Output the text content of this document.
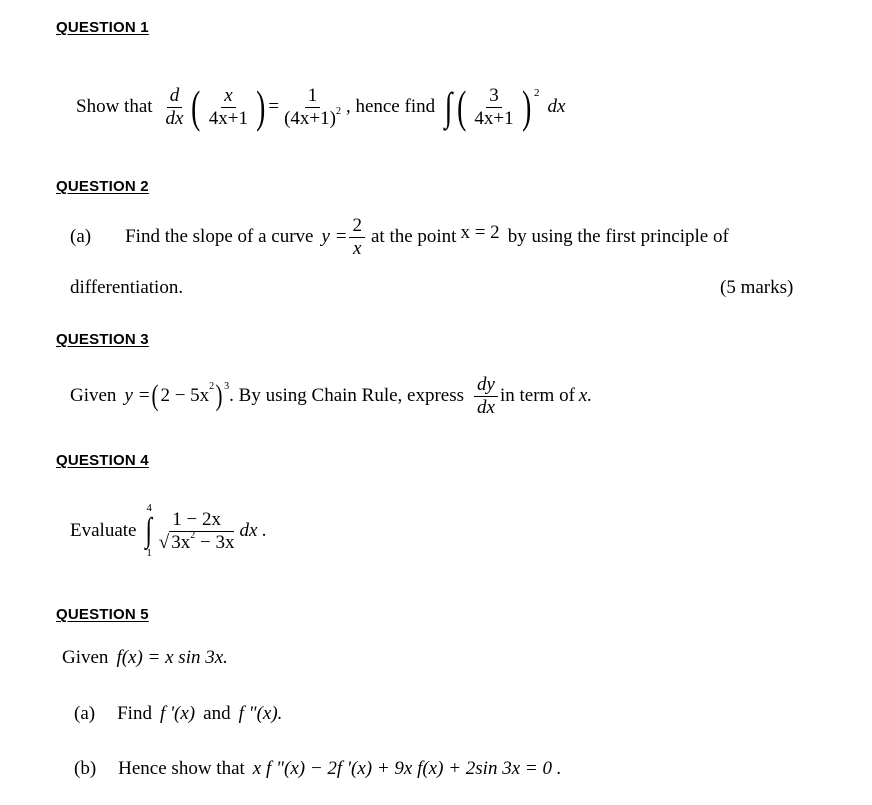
QUESTION 1
Show that $\frac{d}{dx}$ ( $\frac{x}{4x+1}$ ) = $\frac{1}{(4x+1)^2}$ , hence find ∫ ( $\frac{3}{4x+1}$ ) 2
dx
QUESTION 2
(a) Find the slope of a curve $y = \frac{2}{x}$ at the point x = 2 by using the first principle of
differentiation.	(5 marks)
QUESTION 3
Given y = ( 2 − 5x 2 ) 3 . By using Chain Rule, express $\frac{dy}{dx}$ in term of x.
QUESTION 4
Evaluate
4
∫
1
$\frac{1 - 2x}{√ 3x^2 - 3x}$ dx .
QUESTION 5
Given f(x) = x sin 3x.
(a) Find f '(x) and f "(x).
(b) Hence show that x f "(x) − 2f '(x) + 9x f(x) + 2sin 3x = 0 .
